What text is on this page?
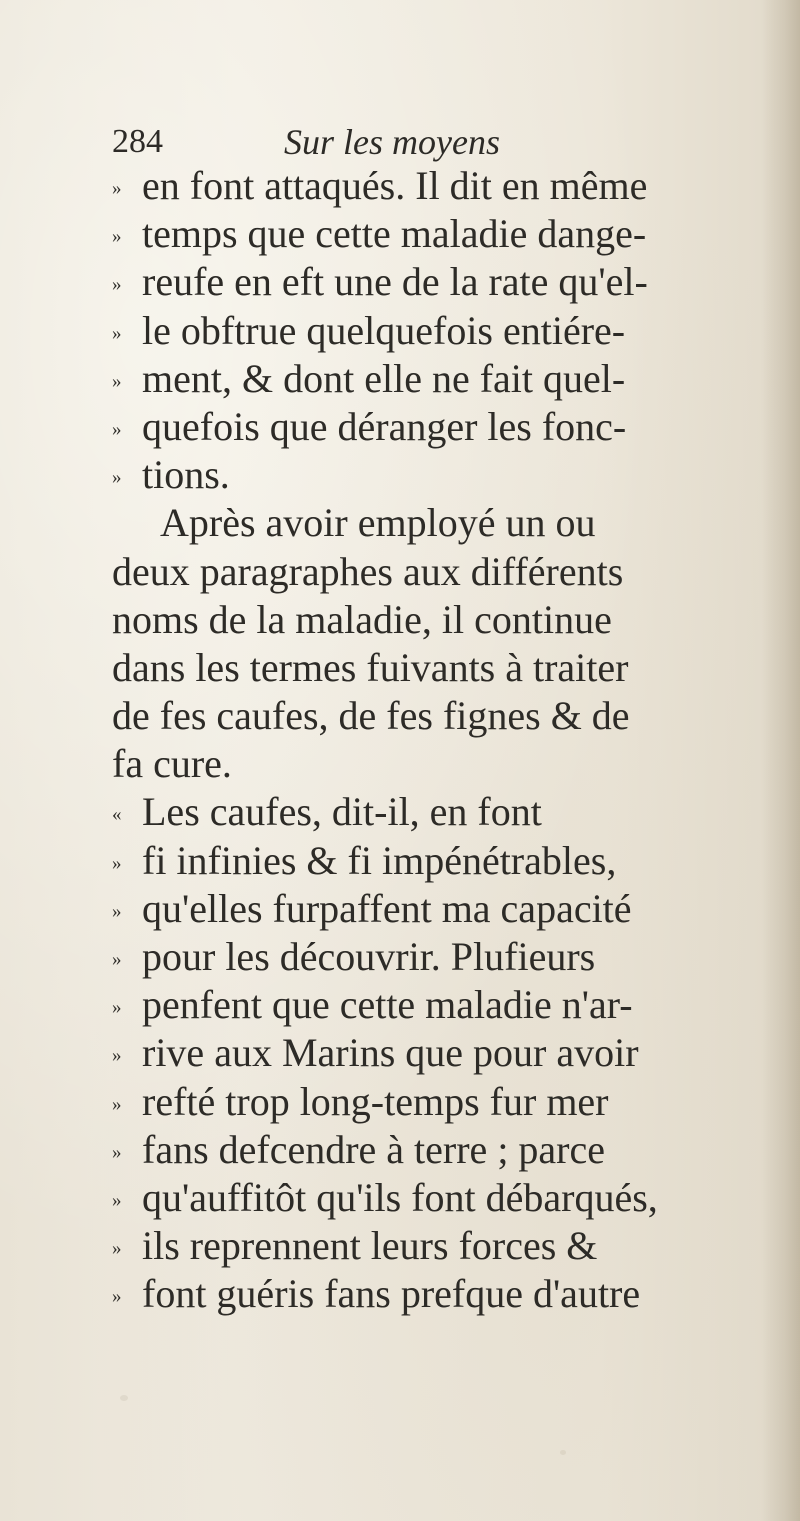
284	Sur les moyens
» en font attaqués. Il dit en même
» temps que cette maladie dange-
» reufe en eft une de la rate qu'el-
» le obftrue quelquefois entiére-
» ment, & dont elle ne fait quel-
» quefois que déranger les fonc-
» tions.
Après avoir employé un ou
deux paragraphes aux différents
noms de la maladie, il continue
dans les termes fuivants à traiter
de fes caufes, de fes fignes & de
fa cure.
« Les caufes, dit-il, en font
» fi infinies & fi impénétrables,
» qu'elles furpaffent ma capacité
» pour les découvrir. Plufieurs
» penfent que cette maladie n'ar-
» rive aux Marins que pour avoir
» refté trop long-temps fur mer
» fans defcendre à terre ; parce
» qu'auffitôt qu'ils font débarqués,
» ils reprennent leurs forces &
» font guéris fans prefque d'autre
